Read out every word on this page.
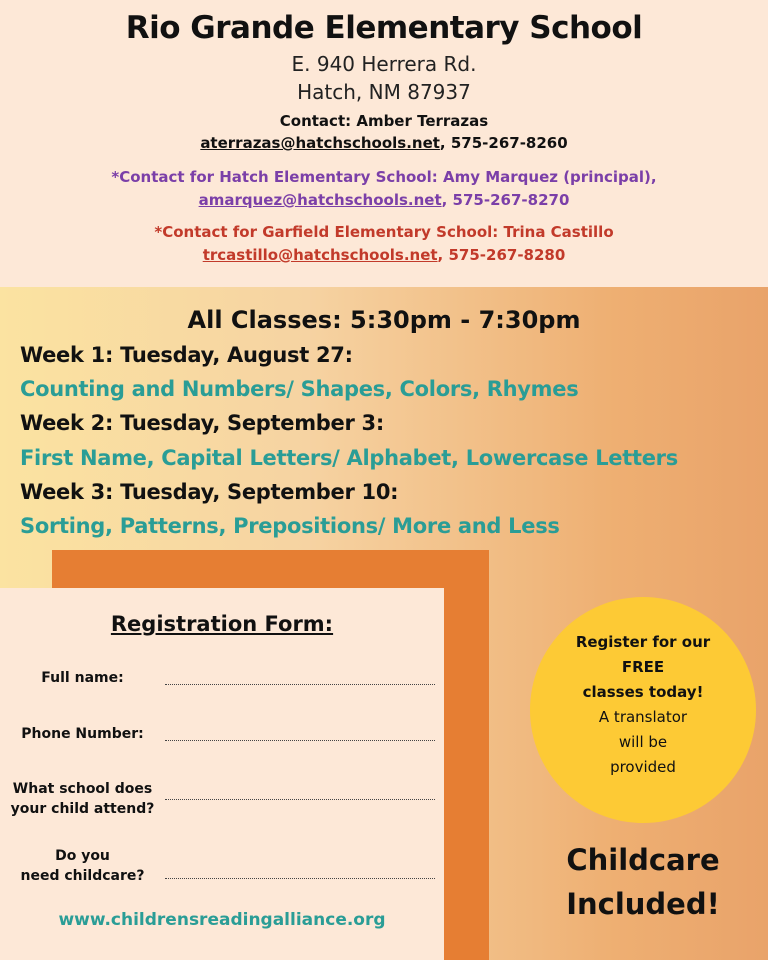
Rio Grande Elementary School
E. 940 Herrera Rd.
Hatch, NM 87937
Contact: Amber Terrazas
aterrazas@hatchschools.net, 575-267-8260
*Contact for Hatch Elementary School: Amy Marquez (principal),
amarquez@hatchschools.net, 575-267-8270
*Contact for Garfield Elementary School: Trina Castillo
trcastillo@hatchschools.net, 575-267-8280
All Classes: 5:30pm - 7:30pm
Week 1: Tuesday, August 27:
Counting and Numbers/ Shapes, Colors, Rhymes
Week 2: Tuesday, September 3:
First Name, Capital Letters/ Alphabet, Lowercase Letters
Week 3: Tuesday, September 10:
Sorting, Patterns, Prepositions/ More and Less
Registration Form:
Full name:
Phone Number:
What school does
your child attend?
Do you
need childcare?
www.childrensreadingalliance.org
Register for our
FREE
classes today!
A translator
will be
provided
Childcare
Included!
